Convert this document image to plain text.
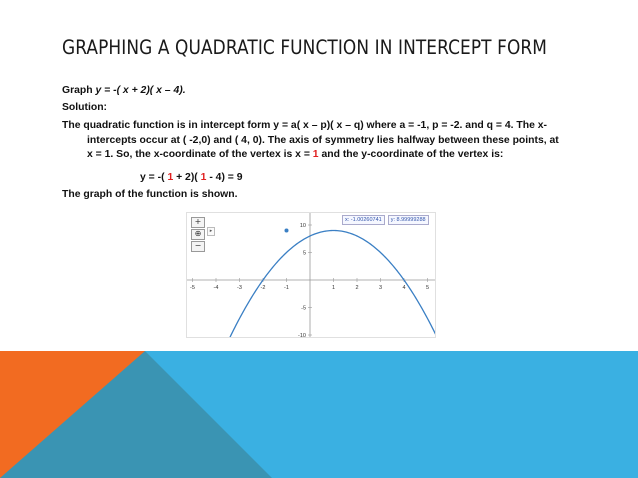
GRAPHING A QUADRATIC FUNCTION IN INTERCEPT FORM
Graph y = -( x + 2)( x – 4).
Solution:
The quadratic function is in intercept form y = a( x – p)( x – q) where a = -1, p = -2. and q = 4. The x-
intercepts occur at ( -2,0) and ( 4, 0). The axis of symmetry lies halfway between these points, at
x = 1. So, the x-coordinate of the vertex is x = 1 and the y-coordinate of the vertex is:
y = -( 1 + 2)( 1 - 4) = 9
The graph of the function is shown.
-5	-4	-3	-2	-1	1	2	3	4	5
10
5
-5
-10
+
⊕
−
▸
x: -1.00260741	y: 8.99999288
